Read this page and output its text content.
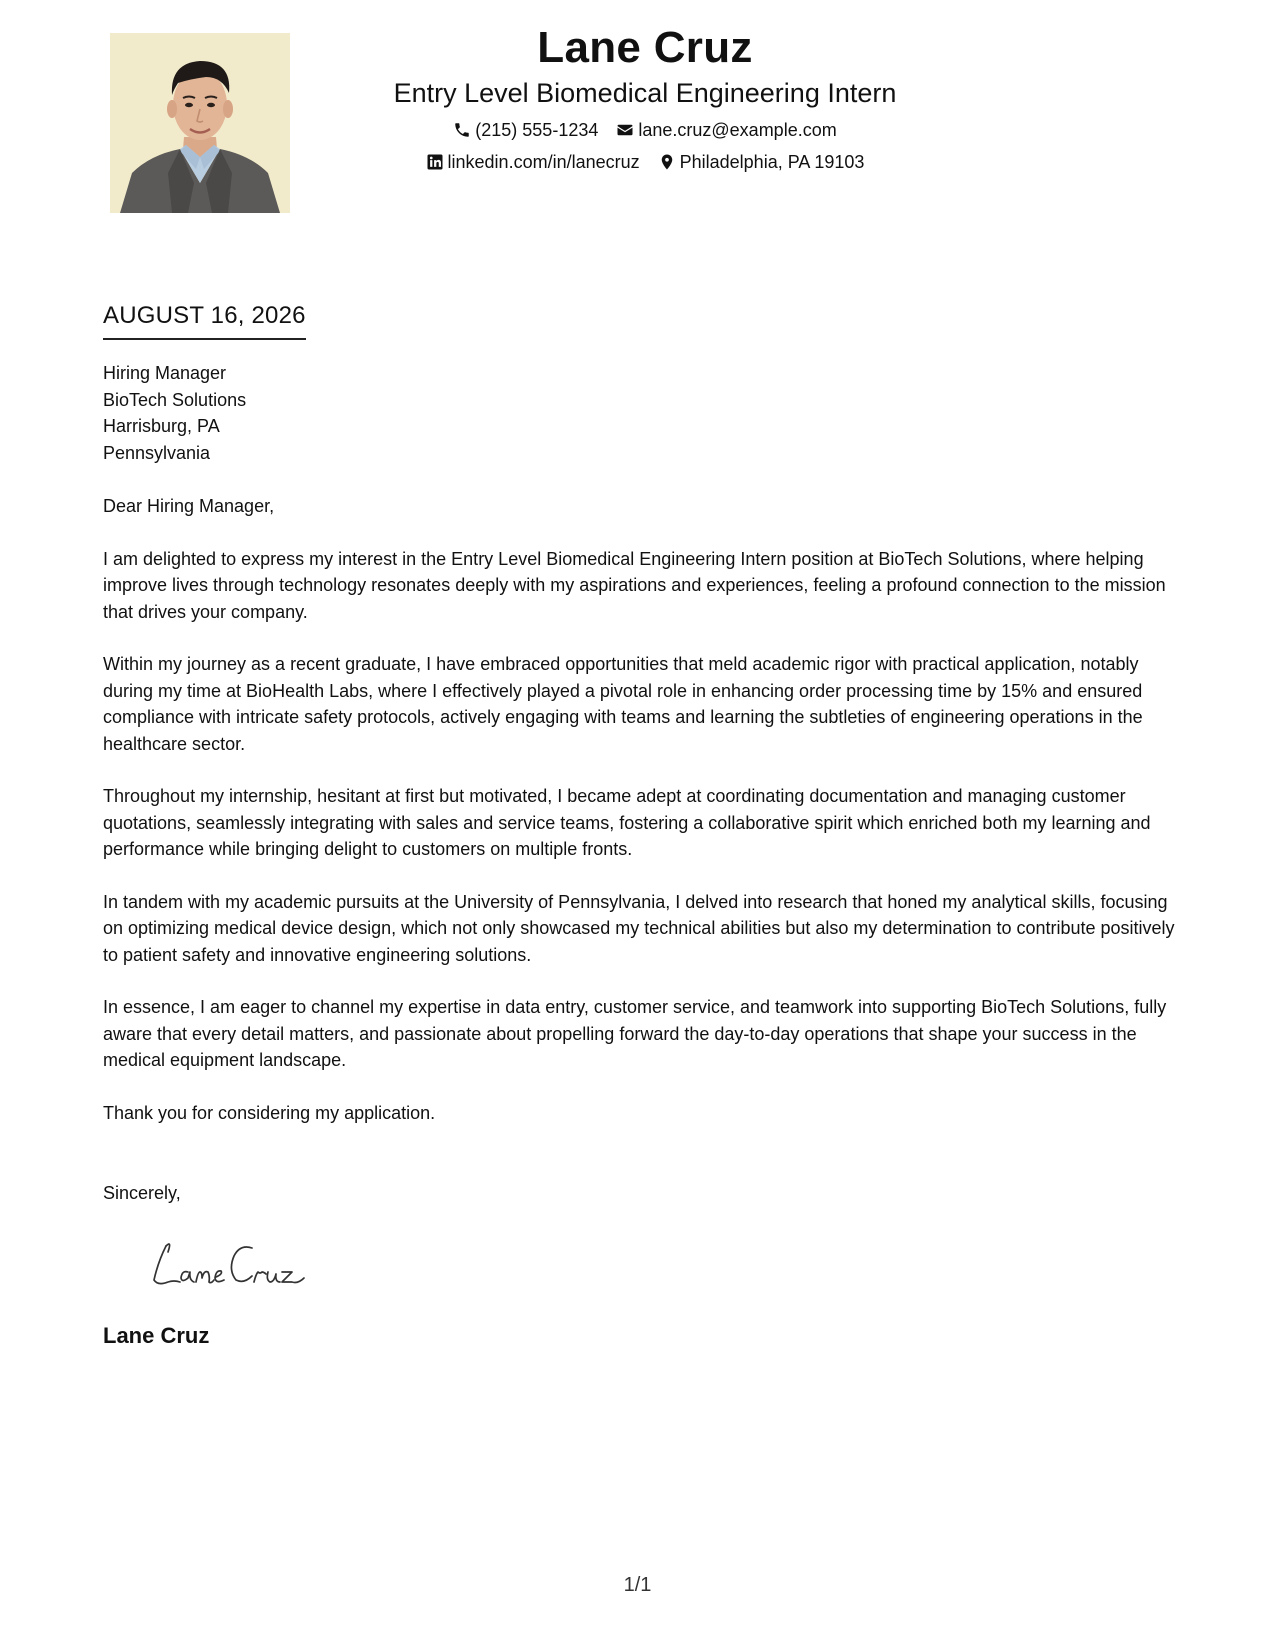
Lane Cruz
Entry Level Biomedical Engineering Intern
(215) 555-1234 lane.cruz@example.com
linkedin.com/in/lanecruz Philadelphia, PA 19103
AUGUST 16, 2026
Hiring Manager
BioTech Solutions
Harrisburg, PA
Pennsylvania

Dear Hiring Manager,

I am delighted to express my interest in the Entry Level Biomedical Engineering Intern position at BioTech Solutions, where helping improve lives through technology resonates deeply with my aspirations and experiences, feeling a profound connection to the mission that drives your company.

Within my journey as a recent graduate, I have embraced opportunities that meld academic rigor with practical application, notably during my time at BioHealth Labs, where I effectively played a pivotal role in enhancing order processing time by 15% and ensured compliance with intricate safety protocols, actively engaging with teams and learning the subtleties of engineering operations in the healthcare sector.

Throughout my internship, hesitant at first but motivated, I became adept at coordinating documentation and managing customer quotations, seamlessly integrating with sales and service teams, fostering a collaborative spirit which enriched both my learning and performance while bringing delight to customers on multiple fronts.

In tandem with my academic pursuits at the University of Pennsylvania, I delved into research that honed my analytical skills, focusing on optimizing medical device design, which not only showcased my technical abilities but also my determination to contribute positively to patient safety and innovative engineering solutions.

In essence, I am eager to channel my expertise in data entry, customer service, and teamwork into supporting BioTech Solutions, fully aware that every detail matters, and passionate about propelling forward the day-to-day operations that shape your success in the medical equipment landscape.

Thank you for considering my application.

Sincerely,
Lane Cruz
1/1
